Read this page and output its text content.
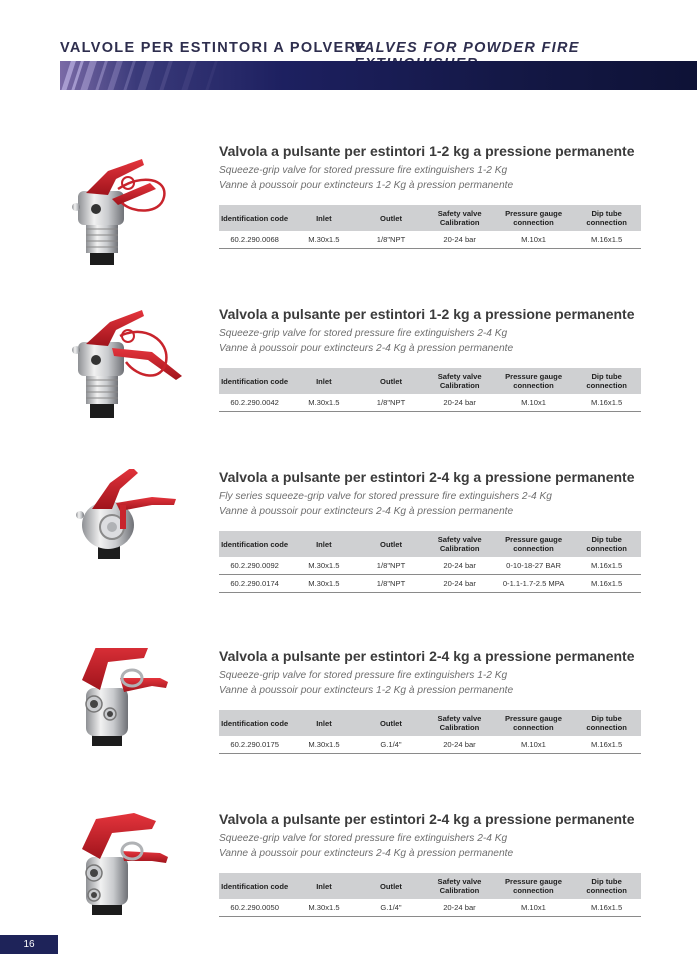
VALVOLE PER ESTINTORI A POLVERE
VALVES FOR POWDER FIRE
Valvola a pulsante per estintori 1-2 kg a pressione permanente
Squeeze-grip valve for stored pressure fire extinguishers 1-2 Kg
Vanne à poussoir pour extincteurs 1-2 Kg à pression permanente
Identification code	Inlet	Outlet	Safety valve Calibration	Pressure gauge connection	Dip tube connection
60.2.290.0068	M.30x1.5	1/8"NPT	20-24 bar	M.10x1	M.16x1.5
Valvola a pulsante per estintori 1-2 kg a pressione permanente
Squeeze-grip valve for stored pressure fire extinguishers 2-4 Kg
Vanne à poussoir pour extincteurs 2-4 Kg à pression permanente
Identification code	Inlet	Outlet	Safety valve Calibration	Pressure gauge connection	Dip tube connection
60.2.290.0042	M.30x1.5	1/8"NPT	20-24 bar	M.10x1	M.16x1.5
Valvola a pulsante per estintori 2-4 kg a pressione permanente
Fly series squeeze-grip valve for stored pressure fire extinguishers 2-4 Kg
Vanne à poussoir pour extincteurs 2-4 Kg à pression permanente
Identification code	Inlet	Outlet	Safety valve Calibration	Pressure gauge connection	Dip tube connection
60.2.290.0092	M.30x1.5	1/8"NPT	20-24 bar	0-10-18-27 BAR	M.16x1.5
60.2.290.0174	M.30x1.5	1/8"NPT	20-24 bar	0-1.1-1.7-2.5 MPA	M.16x1.5
Valvola a pulsante per estintori 2-4 kg a pressione permanente
Squeeze-grip valve for stored pressure fire extinguishers 1-2 Kg
Vanne à poussoir pour extincteurs 1-2 Kg à pression permanente
Identification code	Inlet	Outlet	Safety valve Calibration	Pressure gauge connection	Dip tube connection
60.2.290.0175	M.30x1.5	G.1/4"	20-24 bar	M.10x1	M.16x1.5
Valvola a pulsante per estintori 2-4 kg a pressione permanente
Squeeze-grip valve for stored pressure fire extinguishers 2-4 Kg
Vanne à poussoir pour extincteurs 2-4 Kg à pression permanente
Identification code	Inlet	Outlet	Safety valve Calibration	Pressure gauge connection	Dip tube connection
60.2.290.0050	M.30x1.5	G.1/4"	20-24 bar	M.10x1	M.16x1.5
16
